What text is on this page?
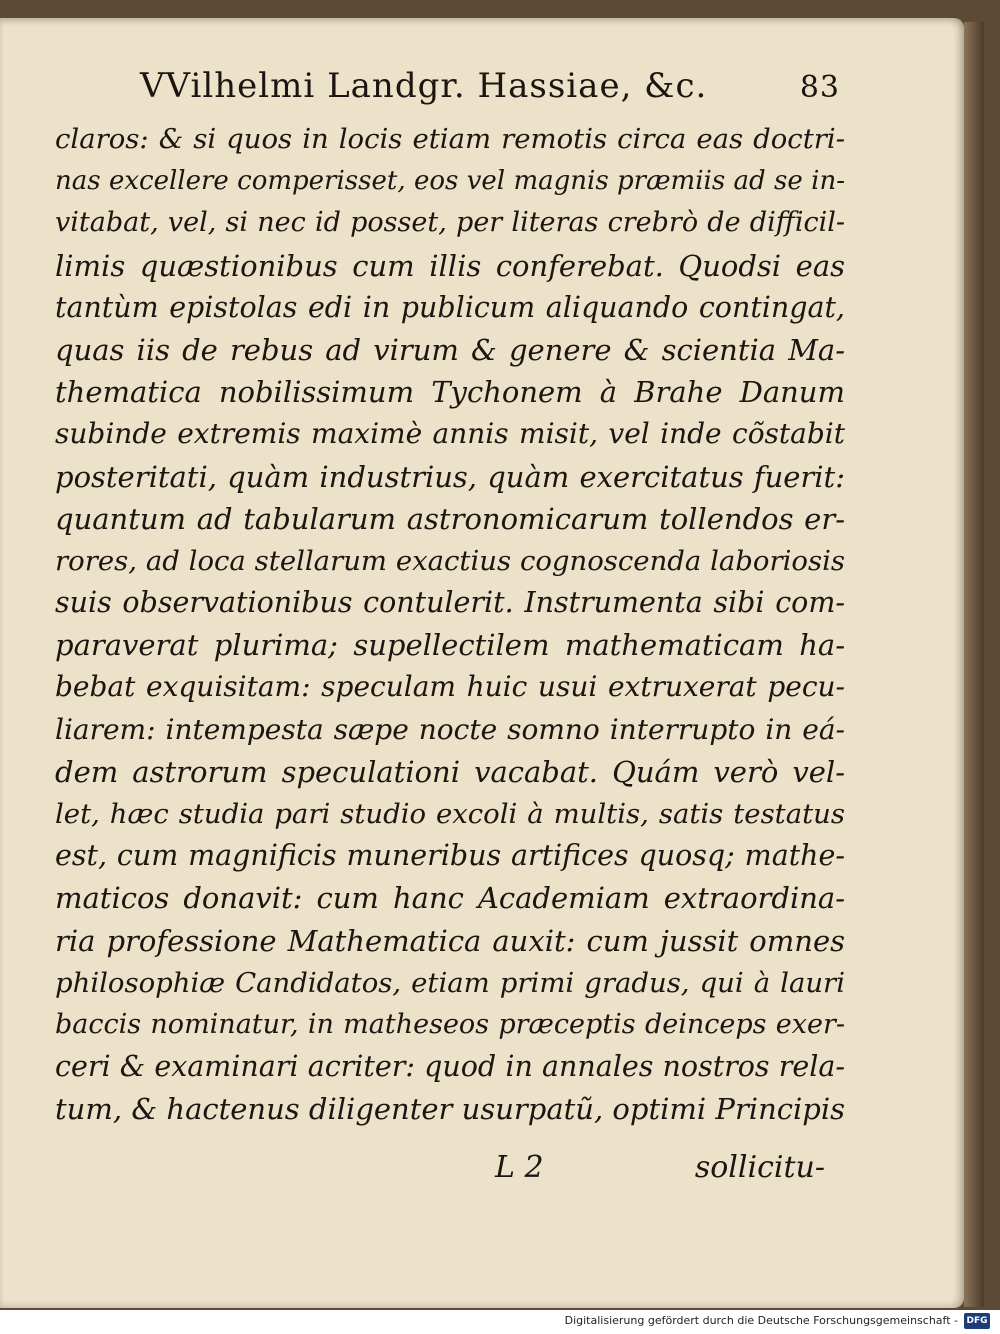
VVilhelmi Landgr. Hassiae, &c.	83
claros: & si quos in locis etiam remotis circa eas doctri-
nas excellere comperisset, eos vel magnis præmiis ad se in-
vitabat, vel, si nec id posset, per literas crebrò de difficil-
limis quæstionibus cum illis conferebat. Quodsi eas
tantùm epistolas edi in publicum aliquando contingat,
quas iis de rebus ad virum & genere & scientia Ma-
thematica nobilissimum Tychonem à Brahe Danum
subinde extremis maximè annis misit, vel inde cõstabit
posteritati, quàm industrius, quàm exercitatus fuerit:
quantum ad tabularum astronomicarum tollendos er-
rores, ad loca stellarum exactius cognoscenda laboriosis
suis observationibus contulerit. Instrumenta sibi com-
paraverat plurima; supellectilem mathematicam ha-
bebat exquisitam: speculam huic usui extruxerat pecu-
liarem: intempesta sæpe nocte somno interrupto in eá-
dem astrorum speculationi vacabat. Quám verò vel-
let, hæc studia pari studio excoli à multis, satis testatus
est, cum magnificis muneribus artifices quosq; mathe-
maticos donavit: cum hanc Academiam extraordina-
ria professione Mathematica auxit: cum jussit omnes
philosophiæ Candidatos, etiam primi gradus, qui à lauri
baccis nominatur, in matheseos præceptis deinceps exer-
ceri & examinari acriter: quod in annales nostros rela-
tum, & hactenus diligenter usurpatũ, optimi Principis
L 2	sollicitu-
Digitalisierung gefördert durch die Deutsche Forschungsgemeinschaft - DFG
